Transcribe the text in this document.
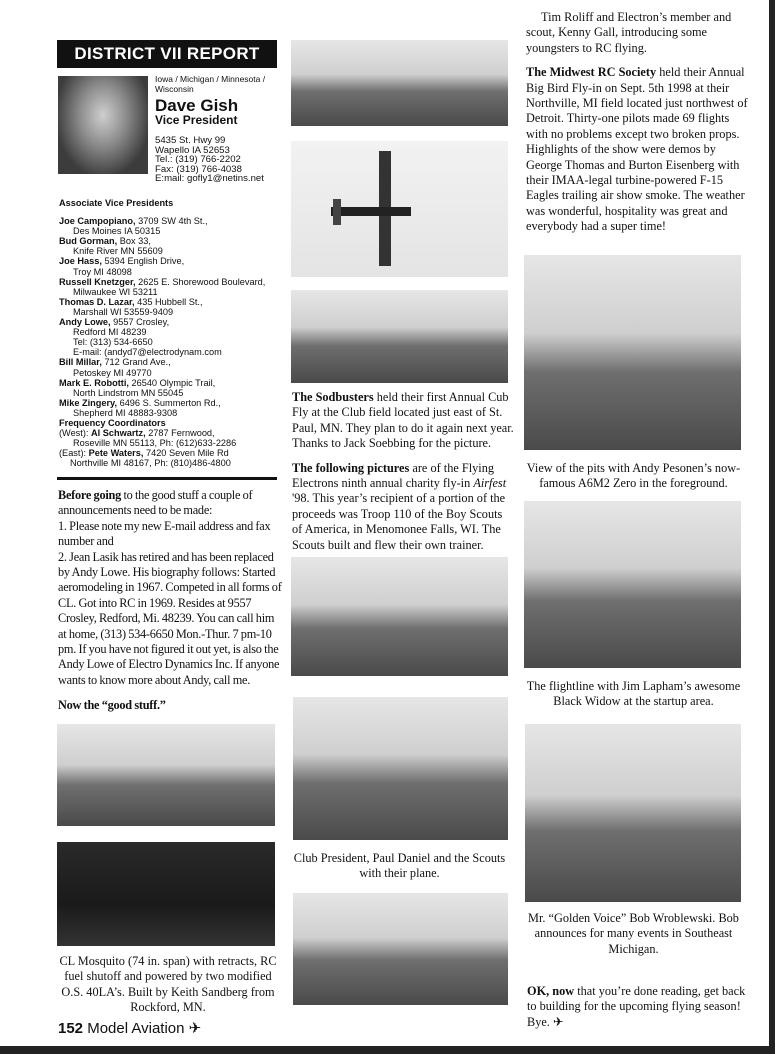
DISTRICT VII REPORT
Iowa / Michigan / Minnesota / Wisconsin
Dave Gish
Vice President
5435 St. Hwy 99
Wapello IA 52653
Tel.: (319) 766-2202
Fax: (319) 766-4038
E:mail: gofly1@netins.net
Associate Vice Presidents
Joe Campopiano, 3709 SW 4th St.,
Des Moines IA 50315
Bud Gorman, Box 33,
Knife River MN 55609
Joe Hass, 5394 English Drive,
Troy MI 48098
Russell Knetzger, 2625 E. Shorewood Boulevard,
Milwaukee WI 53211
Thomas D. Lazar, 435 Hubbell St.,
Marshall WI 53559-9409
Andy Lowe, 9557 Crosley,
Redford MI 48239
Tel: (313) 534-6650
E-mail: (andyd7@electrodynam.com
Bill Millar, 712 Grand Ave.,
Petoskey MI 49770
Mark E. Robotti, 26540 Olympic Trail,
North Lindstrom MN 55045
Mike Zingery, 6496 S. Summerton Rd.,
Shepherd MI 48883-9308
Frequency Coordinators
(West): Al Schwartz, 2787 Fernwood,
Roseville MN 55113, Ph: (612)633-2286
(East): Pete Waters, 7420 Seven Mile Rd
Northville MI 48167, Ph: (810)486-4800

Before going to the good stuff a couple of announcements need to be made:

1. Please note my new E-mail address and fax number and
2. Jean Lasik has retired and has been replaced by Andy Lowe. His biography follows: Started aeromodeling in 1967. Competed in all forms of CL. Got into RC in 1969. Resides at 9557 Crosley, Redford, Mi. 48239. You can call him at home, (313) 534-6650 Mon.-Thur. 7 pm-10 pm. If you have not figured it out yet, is also the Andy Lowe of Electro Dynamics Inc. If anyone wants to know more about Andy, call me.
Now the “good stuff.”
CL Mosquito (74 in. span) with retracts, RC fuel shutoff and powered by two modified O.S. 40LA’s. Built by Keith Sandberg from Rockford, MN.
152 Model Aviation ✈

The Sodbusters held their first Annual Cub Fly at the Club field located just east of St. Paul, MN. They plan to do it again next year. Thanks to Jack Soebbing for the picture.

The following pictures are of the Flying Electrons ninth annual charity fly-in Airfest '98. This year’s recipient of a portion of the proceeds was Troop 110 of the Boy Scouts of America, in Menomonee Falls, WI. The Scouts built and flew their own trainer.

Club President, Paul Daniel and the Scouts with their plane.

Tim Roliff and Electron’s member and scout, Kenny Gall, introducing some youngsters to RC flying.

The Midwest RC Society held their Annual Big Bird Fly-in on Sept. 5th 1998 at their Northville, MI field located just northwest of Detroit. Thirty-one pilots made 69 flights with no problems except two broken props. Highlights of the show were demos by George Thomas and Burton Eisenberg with their IMAA-legal turbine-powered F-15 Eagles trailing air show smoke. The weather was wonderful, hospitality was great and everybody had a super time!

View of the pits with Andy Pesonen’s now-famous A6M2 Zero in the foreground.
The flightline with Jim Lapham’s awesome Black Widow at the startup area.
Mr. “Golden Voice” Bob Wroblewski. Bob announces for many events in Southeast Michigan.
OK, now that you’re done reading, get back to building for the upcoming flying season! Bye. ✈
